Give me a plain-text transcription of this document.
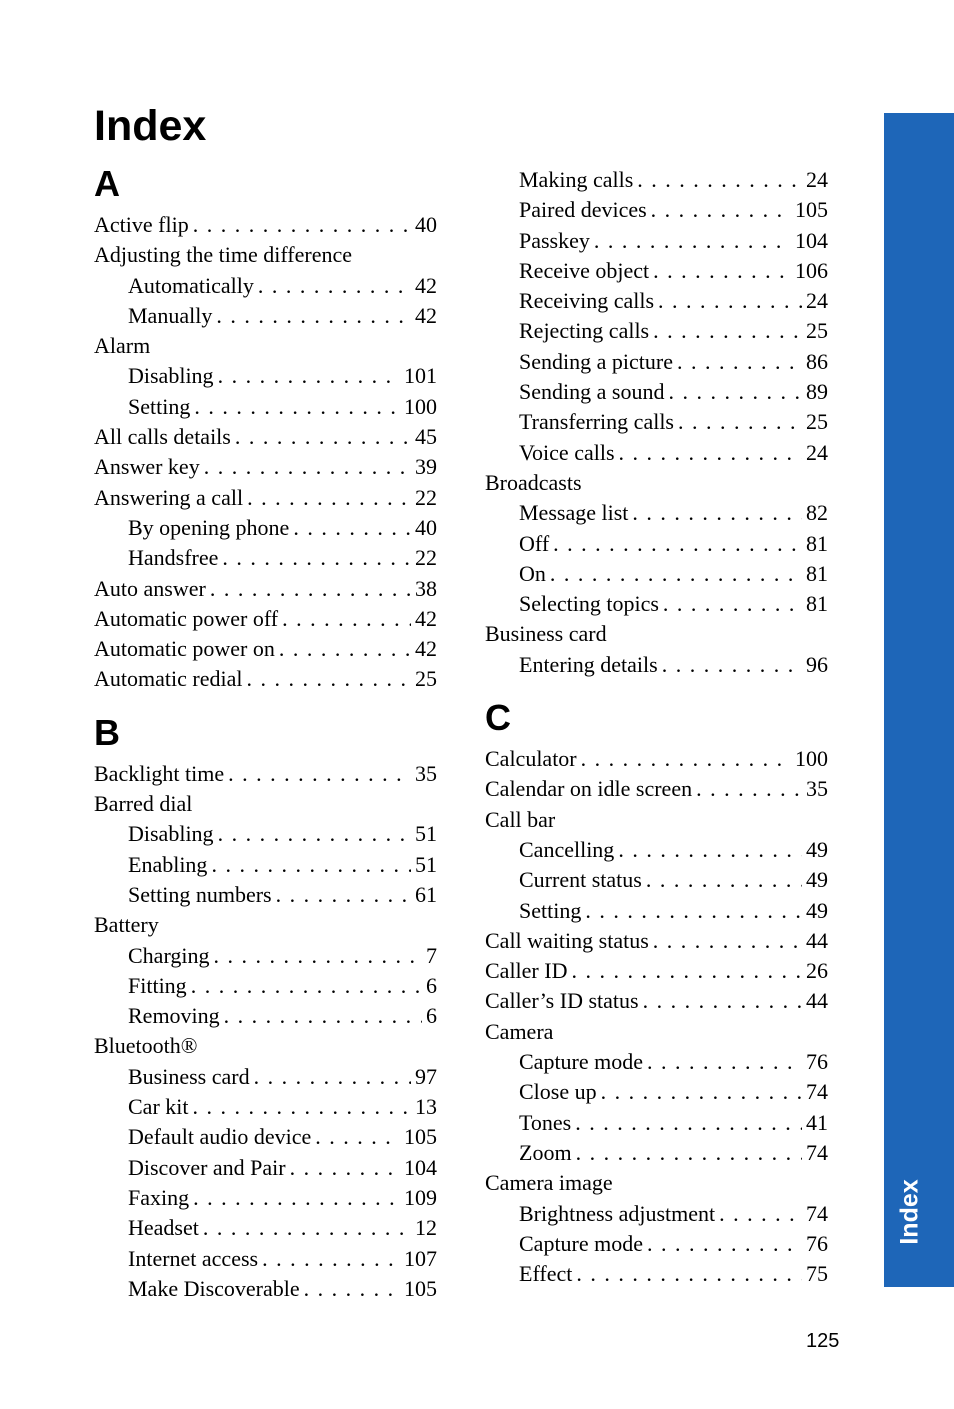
Index
A
Active flip . . .	40
Adjusting the time difference
Automatically . . .	42
Manually . . .	42
Alarm
Disabling . . .	101
Setting . . .	100
All calls details . . .	45
Answer key . . .	39
Answering a call . . .	22
By opening phone . . .	40
Handsfree . . .	22
Auto answer . . .	38
Automatic power off . . .	42
Automatic power on . . .	42
Automatic redial . . .	25
B
Backlight time . . .	35
Barred dial
Disabling . . .	51
Enabling . . .	51
Setting numbers . . .	61
Battery
Charging . . .	7
Fitting . . .	6
Removing . . .	6
Bluetooth®
Business card . . .	97
Car kit . . .	13
Default audio device . . .	105
Discover and Pair . . .	104
Faxing . . .	109
Headset . . .	12
Internet access . . .	107
Make Discoverable . . .	105
Making calls . . .	24
Paired devices . . .	105
Passkey . . .	104
Receive object . . .	106
Receiving calls . . .	24
Rejecting calls . . .	25
Sending a picture . . .	86
Sending a sound . . .	89
Transferring calls . . .	25
Voice calls . . .	24
Broadcasts
Message list . . .	82
Off . . .	81
On . . .	81
Selecting topics . . .	81
Business card
Entering details . . .	96
C
Calculator . . .	100
Calendar on idle screen . . .	35
Call bar
Cancelling . . .	49
Current status . . .	49
Setting . . .	49
Call waiting status . . .	44
Caller ID . . .	26
Caller’s ID status . . .	44
Camera
Capture mode . . .	76
Close up . . .	74
Tones . . .	41
Zoom . . .	74
Camera image
Brightness adjustment . . .	74
Capture mode . . .	76
Effect . . .	75
Index
125
